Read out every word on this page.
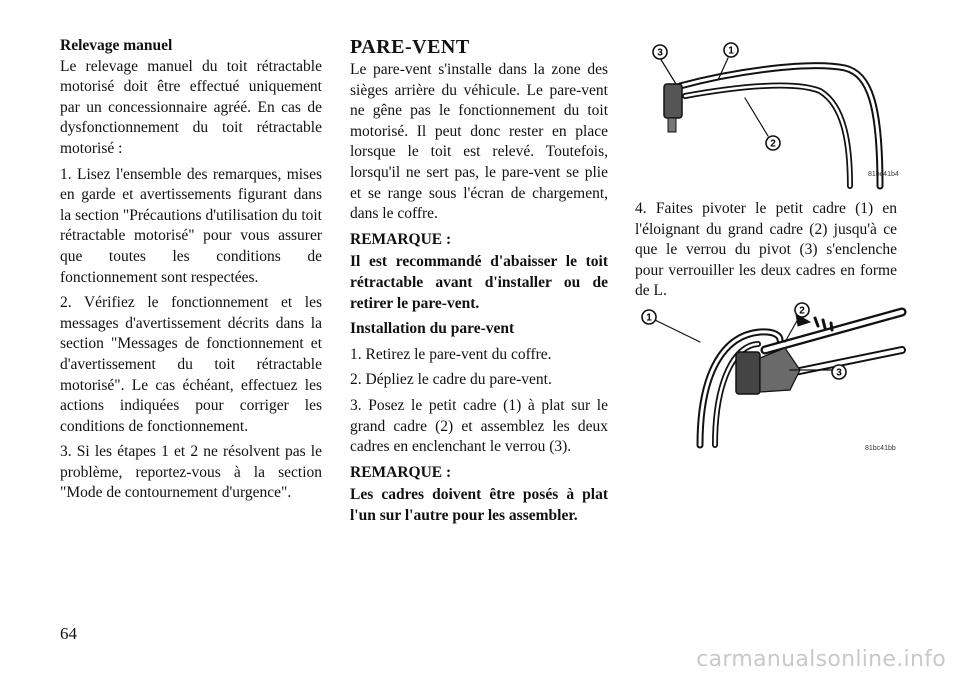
Relevage manuel

Le relevage manuel du toit rétractable motorisé doit être effectué uniquement par un concessionnaire agréé. En cas de dysfonctionnement du toit rétractable motorisé :

1. Lisez l'ensemble des remarques, mises en garde et avertissements figurant dans la section "Précautions d'utilisation du toit rétractable motorisé" pour vous assurer que toutes les conditions de fonctionnement sont respectées.

2. Vérifiez le fonctionnement et les messages d'avertissement décrits dans la section "Messages de fonctionnement et d'avertissement du toit rétractable motorisé". Le cas échéant, effectuez les actions indiquées pour corriger les conditions de fonctionnement.

3. Si les étapes 1 et 2 ne résolvent pas le problème, reportez-vous à la section "Mode de contournement d'urgence".

PARE-VENT

Le pare-vent s'installe dans la zone des sièges arrière du véhicule. Le pare-vent ne gêne pas le fonctionnement du toit motorisé. Il peut donc rester en place lorsque le toit est relevé. Toutefois, lorsqu'il ne sert pas, le pare-vent se plie et se range sous l'écran de chargement, dans le coffre.

REMARQUE :

Il est recommandé d'abaisser le toit rétractable avant d'installer ou de retirer le pare-vent.

Installation du pare-vent

1. Retirez le pare-vent du coffre.

2. Dépliez le cadre du pare-vent.

3. Posez le petit cadre (1) à plat sur le grand cadre (2) et assemblez les deux cadres en enclenchant le verrou (3).

REMARQUE :

Les cadres doivent être posés à plat l'un sur l'autre pour les assembler.

3	1
2
81bc41b4

4. Faites pivoter le petit cadre (1) en l'éloignant du grand cadre (2) jusqu'à ce que le verrou du pivot (3) s'enclenche pour verrouiller les deux cadres en forme de L.

1
2
3
81bc41bb
64
carmanualsonline.info
